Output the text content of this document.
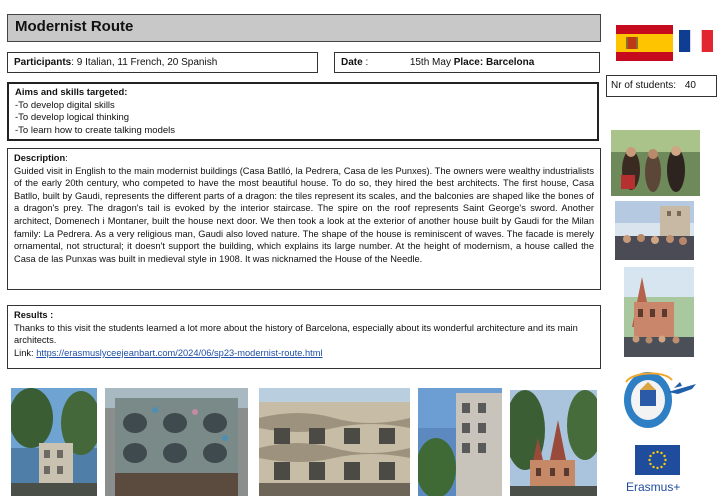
Modernist Route
Participants: 9 Italian, 11 French, 20 Spanish	Date :	15th May Place: Barcelona
Nr of students: 40
Aims and skills targeted:
-To develop digital skills
-To develop logical thinking
-To learn how to create talking models
Description:
Guided visit in English to the main modernist buildings (Casa Batlló, la Pedrera, Casa de les Punxes). The owners were wealthy industrialists of the early 20th century, who competed to have the most beautiful house. To do so, they hired the best architects. The first house, Casa Batllo, built by Gaudi, represents the different parts of a dragon: the tiles represent its scales, and the balconies are shaped like the bones of a dragon's prey. The dragon's tail is evoked by the interior staircase. The spire on the roof represents Saint George's sword. Another architect, Domenech i Montaner, built the house next door. We then took a look at the exterior of another house built by Gaudi for the Milan family: La Pedrera. As a very religious man, Gaudi also loved nature. The shape of the house is reminiscent of waves. The facade is merely ornamental, not structural; it doesn't support the building, which explains its large number. At the height of modernism, a house called the Casa de las Punxas was built in medieval style in 1908. It was nicknamed the House of the Needle.
Results :
Thanks to this visit the students learned a lot more about the history of Barcelona, especially about its wonderful architecture and its main architects.
Link: https://erasmuslyceejeanbart.com/2024/06/sp23-modernist-route.html
Erasmus+
